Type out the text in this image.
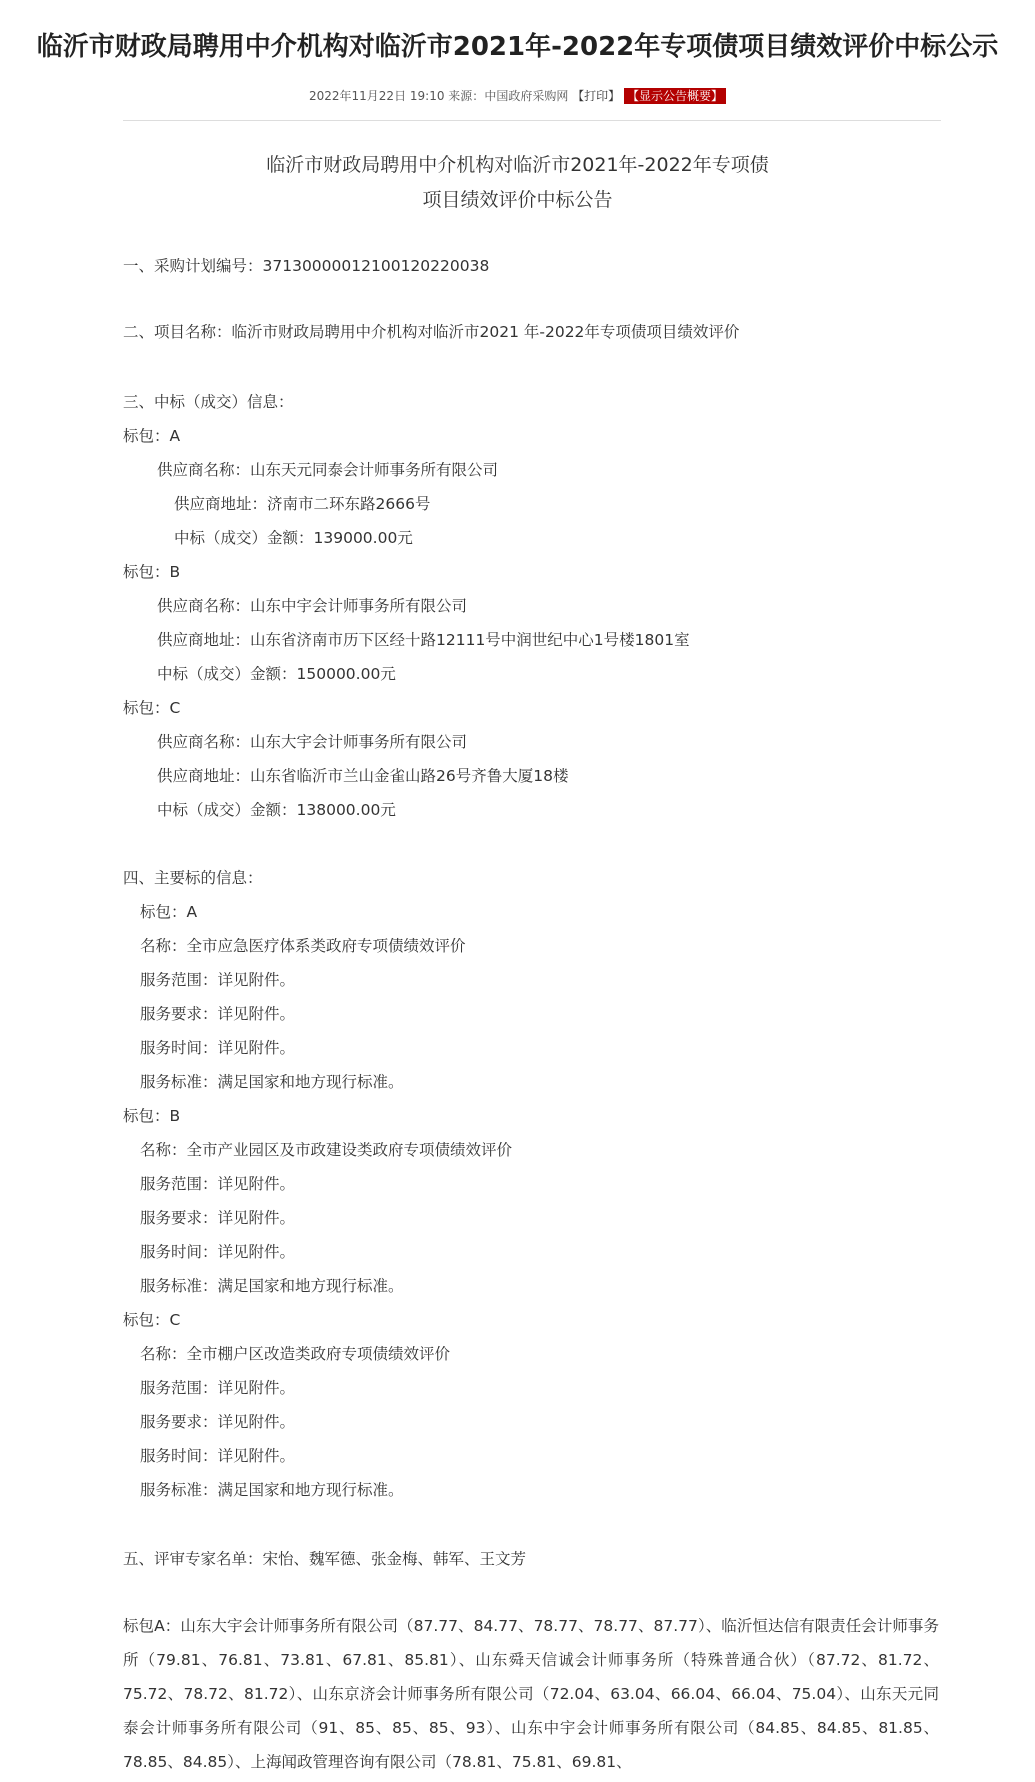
临沂市财政局聘用中介机构对临沂市2021年-2022年专项债项目绩效评价中标公示
2022年11月22日 19:10 来源：中国政府采购网 【打印】 【显示公告概要】
临沂市财政局聘用中介机构对临沂市2021年-2022年专项债
项目绩效评价中标公告
一、采购计划编号：37130000012100120220038
二、项目名称：临沂市财政局聘用中介机构对临沂市2021 年-2022年专项债项目绩效评价
三、中标（成交）信息：
标包：A
供应商名称：山东天元同泰会计师事务所有限公司
供应商地址：济南市二环东路2666号
中标（成交）金额：139000.00元
标包：B
供应商名称：山东中宇会计师事务所有限公司
供应商地址：山东省济南市历下区经十路12111号中润世纪中心1号楼1801室
中标（成交）金额：150000.00元
标包：C
供应商名称：山东大宇会计师事务所有限公司
供应商地址：山东省临沂市兰山金雀山路26号齐鲁大厦18楼
中标（成交）金额：138000.00元
四、主要标的信息：
标包：A
名称：全市应急医疗体系类政府专项债绩效评价
服务范围：详见附件。
服务要求：详见附件。
服务时间：详见附件。
服务标准：满足国家和地方现行标准。
标包：B
名称：全市产业园区及市政建设类政府专项债绩效评价
服务范围：详见附件。
服务要求：详见附件。
服务时间：详见附件。
服务标准：满足国家和地方现行标准。
标包：C
名称：全市棚户区改造类政府专项债绩效评价
服务范围：详见附件。
服务要求：详见附件。
服务时间：详见附件。
服务标准：满足国家和地方现行标准。
五、评审专家名单：宋怡、魏军德、张金梅、韩军、王文芳
标包A：山东大宇会计师事务所有限公司（87.77、84.77、78.77、78.77、87.77）、临沂恒达信有限责任会计师事务所（79.81、76.81、73.81、67.81、85.81）、山东舜天信诚会计师事务所（特殊普通合伙）（87.72、81.72、75.72、78.72、81.72）、山东京济会计师事务所有限公司（72.04、63.04、66.04、66.04、75.04）、山东天元同泰会计师事务所有限公司（91、85、85、85、93）、山东中宇会计师事务所有限公司（84.85、84.85、81.85、78.85、84.85）、上海闻政管理咨询有限公司（78.81、75.81、69.81、
